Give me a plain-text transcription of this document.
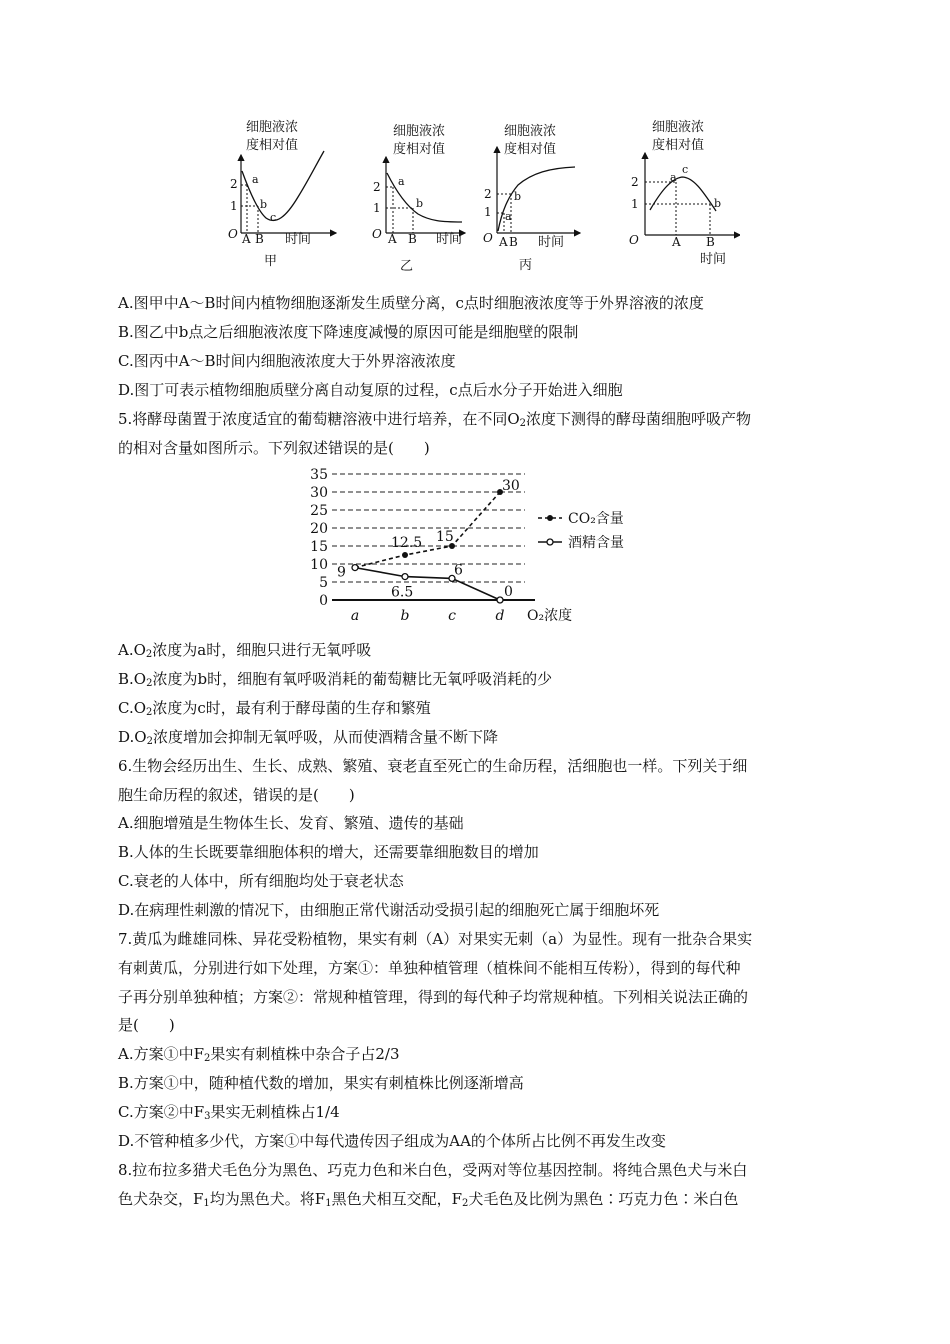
细胞液浓
度相对值
O
2
1
a
b
c
A B 时间
甲
细胞液浓
度相对值
O
2
1
a
b
A B 时间
乙
细胞液浓
度相对值
O
2
1 a
b
A B 时间
丙
细胞液浓
度相对值
O
2
1
a
c
b
A B
时间
A.图甲中A～B时间内植物细胞逐渐发生质壁分离，c点时细胞液浓度等于外界溶液的浓度
B.图乙中b点之后细胞液浓度下降速度减慢的原因可能是细胞壁的限制
C.图丙中A～B时间内细胞液浓度大于外界溶液浓度
D.图丁可表示植物细胞质壁分离自动复原的过程，c点后水分子开始进入细胞
5.将酵母菌置于浓度适宜的葡萄糖溶液中进行培养，在不同$O_2$浓度下测得的酵母菌细胞呼吸产物
的相对含量如图所示。下列叙述错误的是(　　)
0
5
10
15
20
25
30
35
a	b	c	d O₂浓度
9
12.5 15
30
6.5
6
0
CO₂含量
酒精含量
$A.O_2$浓度为a时，细胞只进行无氧呼吸
$B.O_2$浓度为b时，细胞有氧呼吸消耗的葡萄糖比无氧呼吸消耗的少
$C.O_2$浓度为c时，最有利于酵母菌的生存和繁殖
$D.O_2$浓度增加会抑制无氧呼吸，从而使酒精含量不断下降
6.生物会经历出生、生长、成熟、繁殖、衰老直至死亡的生命历程，活细胞也一样。下列关于细
胞生命历程的叙述，错误的是(　　)
A.细胞增殖是生物体生长、发育、繁殖、遗传的基础
B.人体的生长既要靠细胞体积的增大，还需要靠细胞数目的增加
C.衰老的人体中，所有细胞均处于衰老状态
D.在病理性刺激的情况下，由细胞正常代谢活动受损引起的细胞死亡属于细胞坏死
7.黄瓜为雌雄同株、异花受粉植物，果实有刺（A）对果实无刺（a）为显性。现有一批杂合果实
有刺黄瓜，分别进行如下处理，方案①：单独种植管理（植株间不能相互传粉），得到的每代种
子再分别单独种植；方案②：常规种植管理，得到的每代种子均常规种植。下列相关说法正确的
是(　　)
A.方案①中$F_2$果实有刺植株中杂合子占2/3
B.方案①中，随种植代数的增加，果实有刺植株比例逐渐增高
C.方案②中$F_3$果实无刺植株占1/4
D.不管种植多少代，方案①中每代遗传因子组成为AA的个体所占比例不再发生改变
8.拉布拉多猎犬毛色分为黑色、巧克力色和米白色，受两对等位基因控制。将纯合黑色犬与米白
色犬杂交，$F_1$均为黑色犬。将$F_1$黑色犬相互交配，$F_2$犬毛色及比例为黑色∶巧克力色∶米白色
